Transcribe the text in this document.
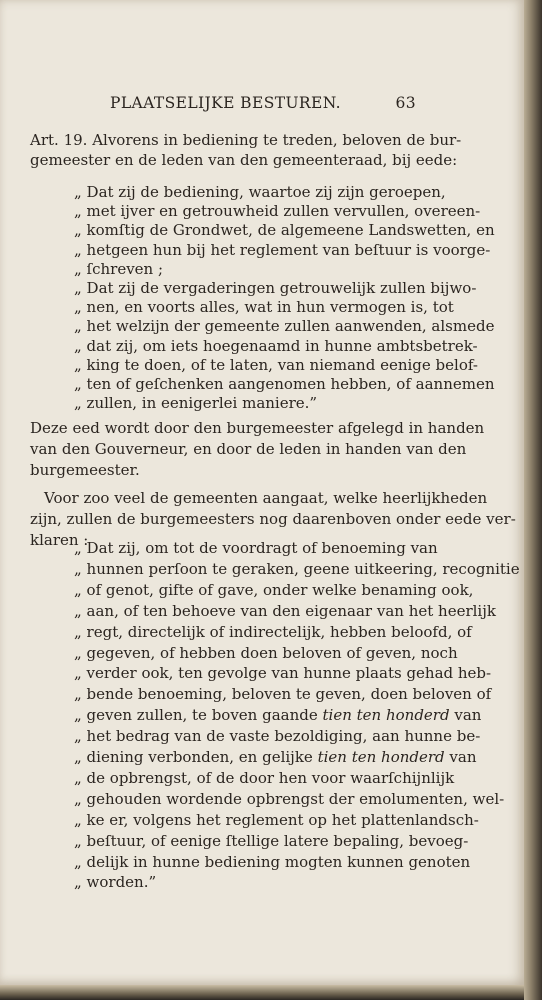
PLAATSELIJKE BESTUREN.	63
Art. 19. Alvorens in bediening te treden, beloven de bur-
gemeester en de leden van den gemeenteraad, bij eede:
„ Dat zij de bediening, waartoe zij zijn geroepen,
„ met ijver en getrouwheid zullen vervullen, overeen-
„ komſtig de Grondwet, de algemeene Landswetten, en
„ hetgeen hun bij het reglement van beſtuur is voorge-
„ ſchreven ;
„ Dat zij de vergaderingen getrouwelijk zullen bijwo-
„ nen, en voorts alles, wat in hun vermogen is, tot
„ het welzijn der gemeente zullen aanwenden, alsmede
„ dat zij, om iets hoegenaamd in hunne ambtsbetrek-
„ king te doen, of te laten, van niemand eenige belof-
„ ten of geſchenken aangenomen hebben, of aannemen
„ zullen, in eenigerlei maniere.”
Deze eed wordt door den burgemeester afgelegd in handen
van den Gouverneur, en door de leden in handen van den
burgemeester.
Voor zoo veel de gemeenten aangaat, welke heerlijkheden
zijn, zullen de burgemeesters nog daarenboven onder eede ver-
klaren :
„ Dat zij, om tot de voordragt of benoeming van
„ hunnen perſoon te geraken, geene uitkeering, recognitie
„ of genot, gifte of gave, onder welke benaming ook,
„ aan, of ten behoeve van den eigenaar van het heerlijk
„ regt, directelijk of indirectelijk, hebben beloofd, of
„ gegeven, of hebben doen beloven of geven, noch
„ verder ook, ten gevolge van hunne plaats gehad heb-
„ bende benoeming, beloven te geven, doen beloven of
„ geven zullen, te boven gaande tien ten honderd
„ het bedrag van de vaste bezoldiging, aan hunne be-
„ diening verbonden, en gelijke tien ten honderd
„ de opbrengst, of de door hen voor waarſchijnlijk
„ gehouden wordende opbrengst der emolumenten, wel-
„ ke er, volgens het reglement op het plattenlandsch-
„ beſtuur, of eenige ſtellige latere bepaling, bevoeg-
„ delijk in hunne bediening mogten kunnen genoten
„ worden.”
